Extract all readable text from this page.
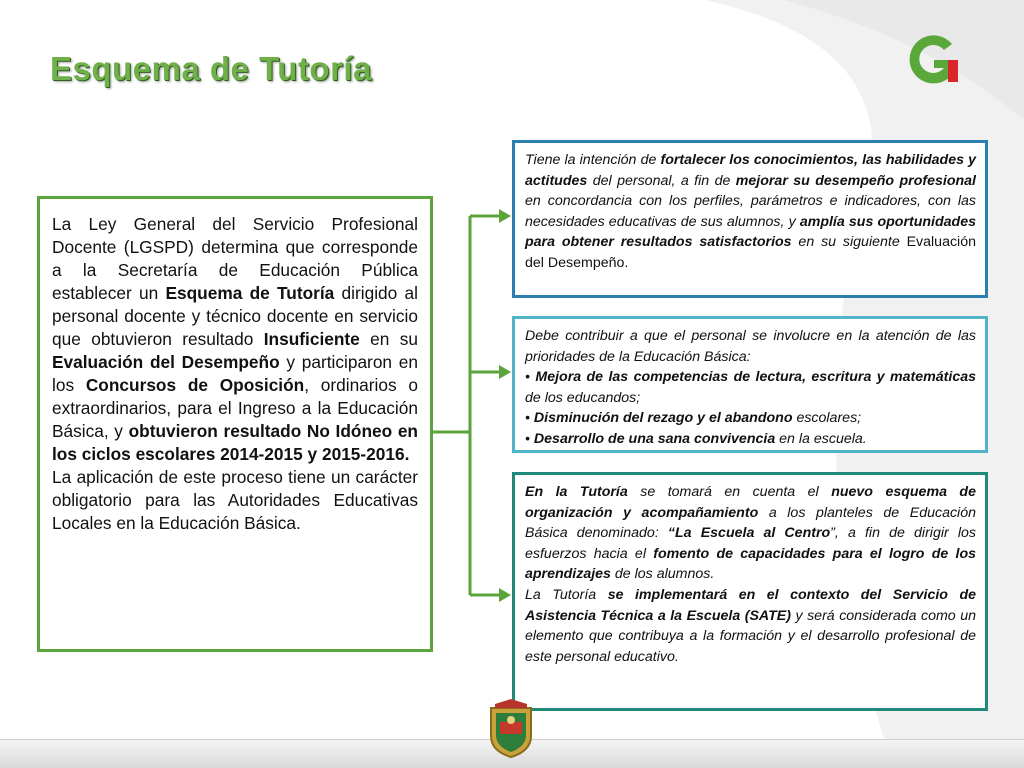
Esquema de Tutoría
La Ley General del Servicio Profesional Docente (LGSPD) determina que corresponde a la Secretaría de Educación Pública establecer un Esquema de Tutoría dirigido al personal docente y técnico docente en servicio que obtuvieron resultado Insuficiente en su Evaluación del Desempeño y participaron en los Concursos de Oposición, ordinarios o extraordinarios, para el Ingreso a la Educación Básica, y obtuvieron resultado No Idóneo en los ciclos escolares 2014-2015 y 2015-2016.
La aplicación de este proceso tiene un carácter obligatorio para las Autoridades Educativas Locales en la Educación Básica.

Tiene la intención de fortalecer los conocimientos, las habilidades y actitudes del personal, a fin de mejorar su desempeño profesional en concordancia con los perfiles, parámetros e indicadores, con las necesidades educativas de sus alumnos, y amplía sus oportunidades para obtener resultados satisfactorios en su siguiente Evaluación del Desempeño.

Debe contribuir a que el personal se involucre en la atención de las prioridades de la Educación Básica:

• Mejora de las competencias de lectura, escritura y matemáticas de los educandos;

• Disminución del rezago y el abandono escolares;

• Desarrollo de una sana convivencia en la escuela.

En la Tutoría se tomará en cuenta el nuevo esquema de organización y acompañamiento a los planteles de Educación Básica denominado: “La Escuela al Centro”, a fin de dirigir los esfuerzos hacia el fomento de capacidades para el logro de los aprendizajes de los alumnos.

La Tutoría se implementará en el contexto del Servicio de Asistencia Técnica a la Escuela (SATE) y será considerada como un elemento que contribuya a la formación y el desarrollo profesional de este personal educativo.
